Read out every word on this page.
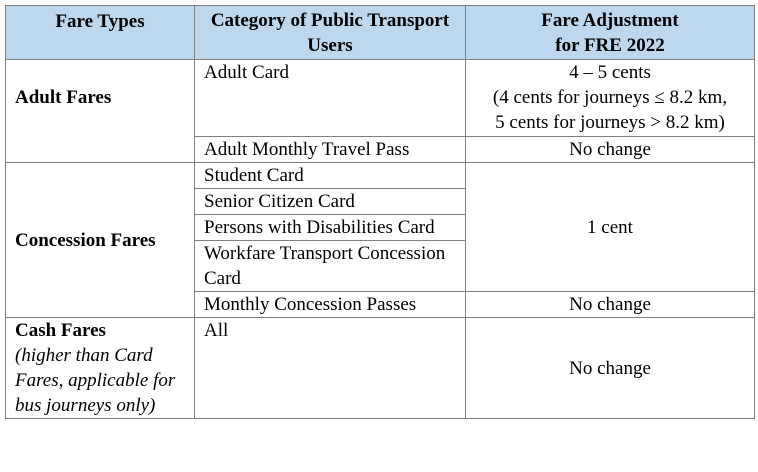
Fare Types	Category of Public Transport Users	Fare Adjustment
for FRE 2022
Adult Fares	Adult Card	4 – 5 cents
(4 cents for journeys ≤ 8.2 km,
5 cents for journeys > 8.2 km)
	Adult Monthly Travel Pass	No change
Concession Fares	Student Card	1 cent
	Senior Citizen Card	
	Persons with Disabilities Card	
	Workfare Transport Concession Card	
	Monthly Concession Passes	No change
Cash Fares
(higher than Card Fares, applicable for bus journeys only)	All	No change
